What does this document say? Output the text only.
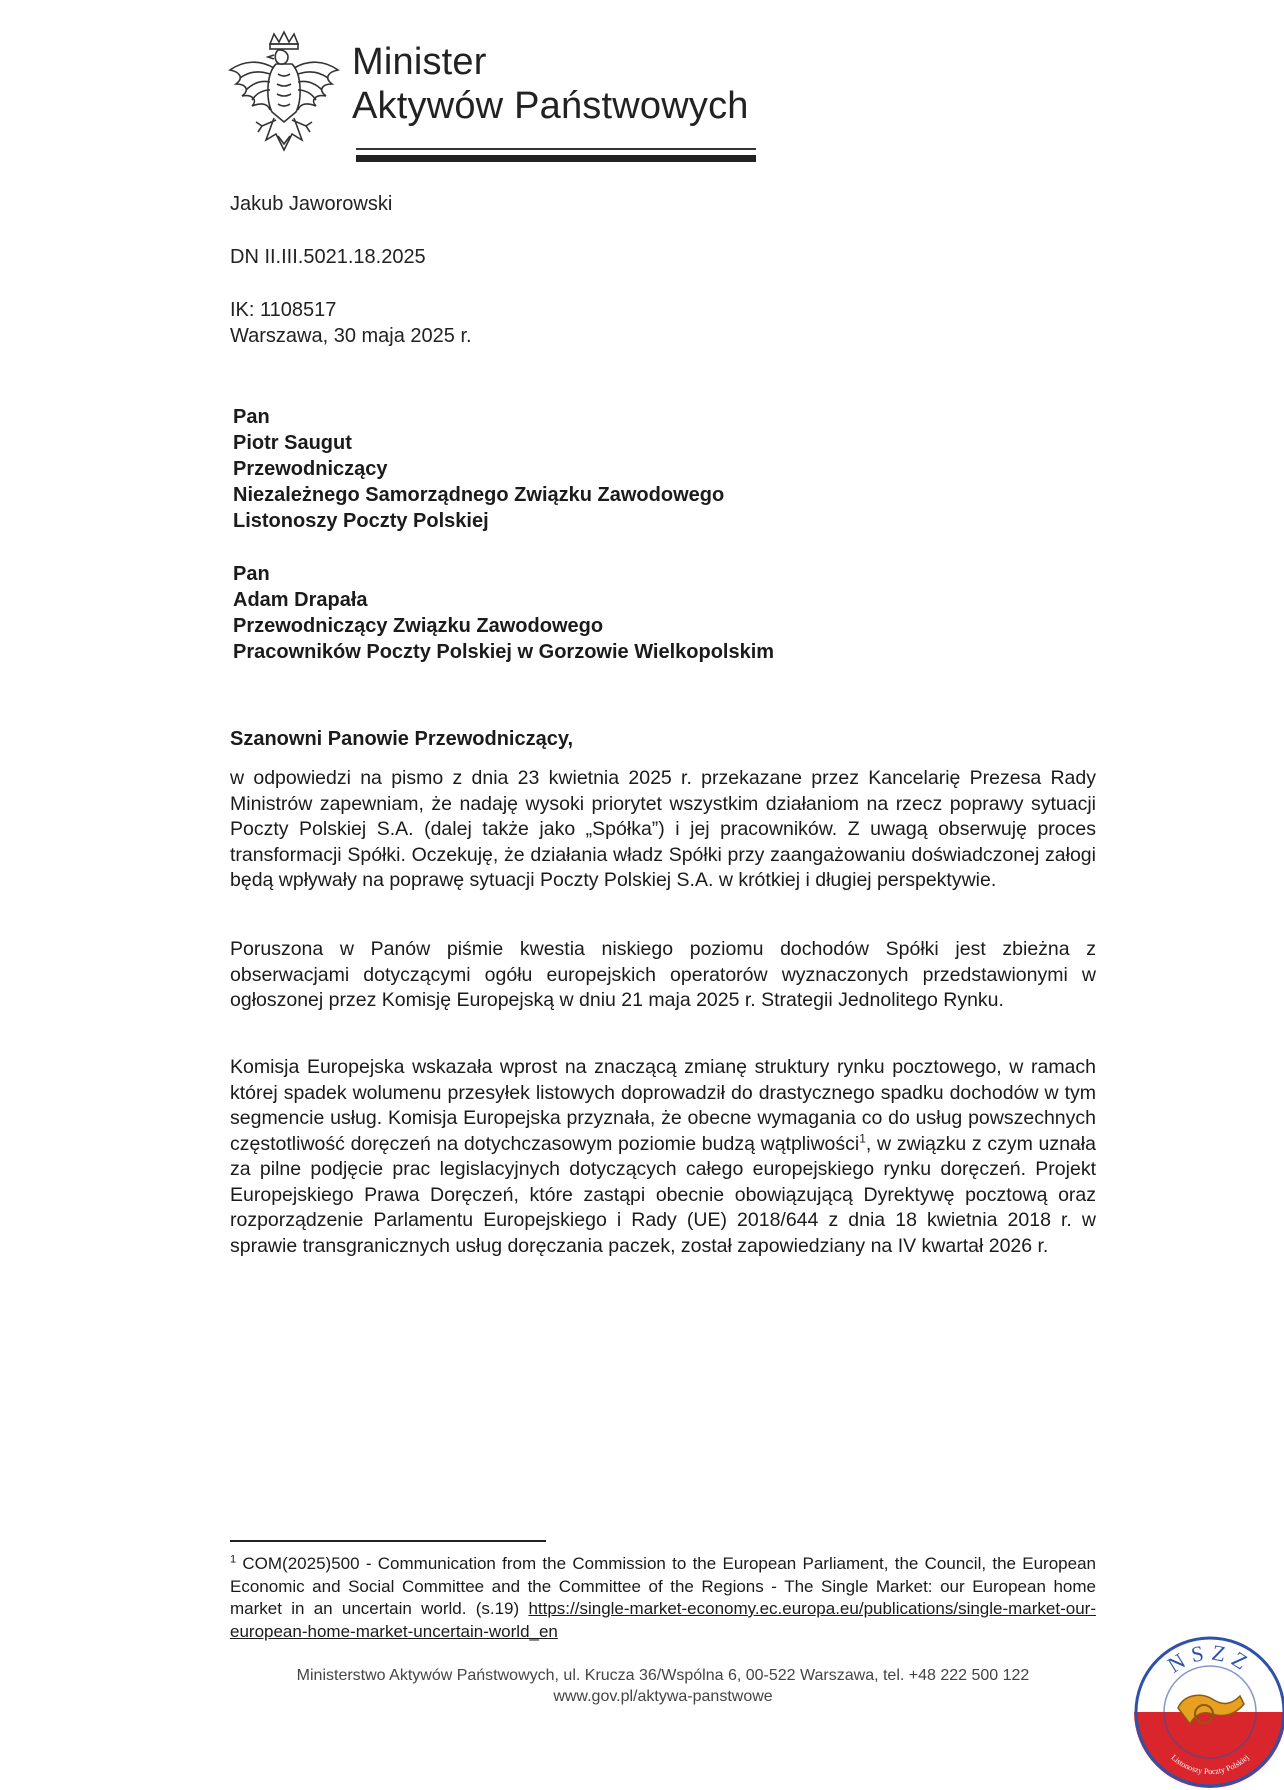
Minister
Aktywów Państwowych
Jakub Jaworowski
DN II.III.5021.18.2025
IK: 1108517
Warszawa, 30 maja 2025 r.
Pan
Piotr Saugut
Przewodniczący
Niezależnego Samorządnego Związku Zawodowego
Listonoszy Poczty Polskiej
Pan
Adam Drapała
Przewodniczący Związku Zawodowego
Pracowników Poczty Polskiej w Gorzowie Wielkopolskim
Szanowni Panowie Przewodniczący,
w odpowiedzi na pismo z dnia 23 kwietnia 2025 r. przekazane przez Kancelarię Prezesa Rady Ministrów zapewniam, że nadaję wysoki priorytet wszystkim działaniom na rzecz poprawy sytuacji Poczty Polskiej S.A. (dalej także jako „Spółka”) i jej pracowników. Z uwagą obserwuję proces transformacji Spółki. Oczekuję, że działania władz Spółki przy zaangażowaniu doświadczonej załogi będą wpływały na poprawę sytuacji Poczty Polskiej S.A. w krótkiej i długiej perspektywie.
Poruszona w Panów piśmie kwestia niskiego poziomu dochodów Spółki jest zbieżna z obserwacjami dotyczącymi ogółu europejskich operatorów wyznaczonych przedstawionymi w ogłoszonej przez Komisję Europejską w dniu 21 maja 2025 r. Strategii Jednolitego Rynku.
Komisja Europejska wskazała wprost na znaczącą zmianę struktury rynku pocztowego, w ramach której spadek wolumenu przesyłek listowych doprowadził do drastycznego spadku dochodów w tym segmencie usług. Komisja Europejska przyznała, że obecne wymagania co do usług powszechnych częstotliwość doręczeń na dotychczasowym poziomie budzą wątpliwości$^1$, w związku z czym uznała za pilne podjęcie prac legislacyjnych dotyczących całego europejskiego rynku doręczeń. Projekt Europejskiego Prawa Doręczeń, które zastąpi obecnie obowiązującą Dyrektywę pocztową oraz rozporządzenie Parlamentu Europejskiego i Rady (UE) 2018/644 z dnia 18 kwietnia 2018 r. w sprawie transgranicznych usług doręczania paczek, został zapowiedziany na IV kwartał 2026 r.
$^1$ COM(2025)500 - Communication from the Commission to the European Parliament, the Council, the European Economic and Social Committee and the Committee of the Regions - The Single Market: our European home market in an uncertain world. (s.19) https://single-market-economy.ec.europa.eu/publications/single-market-our-european-home-market-uncertain-world_en
Ministerstwo Aktywów Państwowych, ul. Krucza 36/Wspólna 6, 00-522 Warszawa, tel. +48 222 500 122
www.gov.pl/aktywa-panstwowe
NSZZ
Listonoszy Poczty Polskiej
